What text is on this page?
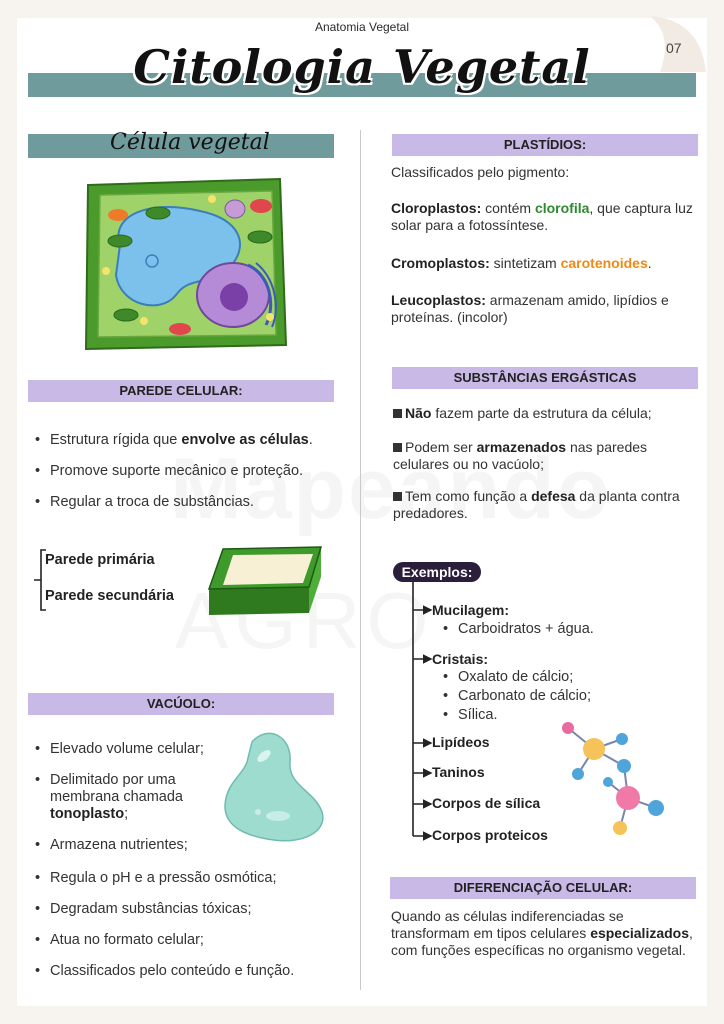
Anatomia Vegetal
07
Citologia Vegetal
Célula vegetal
PAREDE CELULAR:
• Estrutura rígida que envolve as células.
• Promove suporte mecânico e proteção.
• Regular a troca de substâncias.
Parede primária
Parede secundária
VACÚOLO:
• Elevado volume celular;
• Delimitado por uma
membrana chamada
tonoplasto;
• Armazena nutrientes;
• Regula o pH e a pressão osmótica;
• Degradam substâncias tóxicas;
• Atua no formato celular;
• Classificados pelo conteúdo e função.
PLASTÍDIOS:
Classificados pelo pigmento:
Cloroplastos: contém clorofila, que captura luz solar para a fotossíntese.
Cromoplastos: sintetizam carotenoides.
Leucoplastos: armazenam amido, lipídios e proteínas. (incolor)
SUBSTÂNCIAS ERGÁSTICAS
Não fazem parte da estrutura da célula;
Podem ser armazenados nas paredes celulares ou no vacúolo;
Tem como função a defesa da planta contra predadores.
Exemplos:
Mucilagem:
• Carboidratos + água.
Cristais:
• Oxalato de cálcio;
• Carbonato de cálcio;
• Sílica.
Lipídeos
Taninos
Corpos de sílica
Corpos proteicos
DIFERENCIAÇÃO CELULAR:
Quando as células indiferenciadas se transformam em tipos celulares especializados, com funções específicas no organismo vegetal.
